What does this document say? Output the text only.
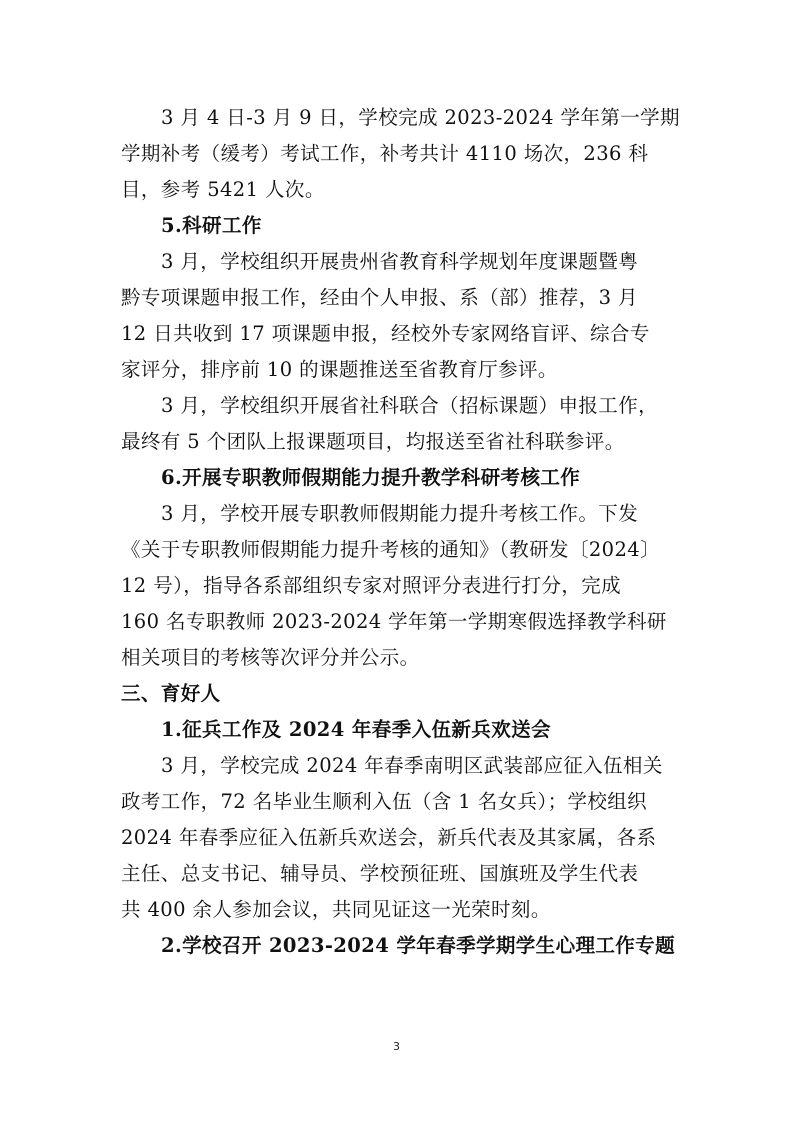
3 月 4 日-3 月 9 日，学校完成 2023-2024 学年第一学期
学期补考（缓考）考试工作，补考共计 4110 场次，236 科
目，参考 5421 人次。
5.科研工作
3 月，学校组织开展贵州省教育科学规划年度课题暨粤
黔专项课题申报工作，经由个人申报、系（部）推荐，3 月
12 日共收到 17 项课题申报，经校外专家网络盲评、综合专
家评分，排序前 10 的课题推送至省教育厅参评。
3 月，学校组织开展省社科联合（招标课题）申报工作，
最终有 5 个团队上报课题项目，均报送至省社科联参评。
6.开展专职教师假期能力提升教学科研考核工作
3 月，学校开展专职教师假期能力提升考核工作。下发
《关于专职教师假期能力提升考核的通知》（教研发〔2024〕
12 号），指导各系部组织专家对照评分表进行打分，完成
160 名专职教师 2023-2024 学年第一学期寒假选择教学科研
相关项目的考核等次评分并公示。
三、育好人
1.征兵工作及 2024 年春季入伍新兵欢送会
3 月，学校完成 2024 年春季南明区武装部应征入伍相关
政考工作，72 名毕业生顺利入伍（含 1 名女兵）；学校组织
2024 年春季应征入伍新兵欢送会，新兵代表及其家属，各系
主任、总支书记、辅导员、学校预征班、国旗班及学生代表
共 400 余人参加会议，共同见证这一光荣时刻。
2.学校召开 2023-2024 学年春季学期学生心理工作专题
3
